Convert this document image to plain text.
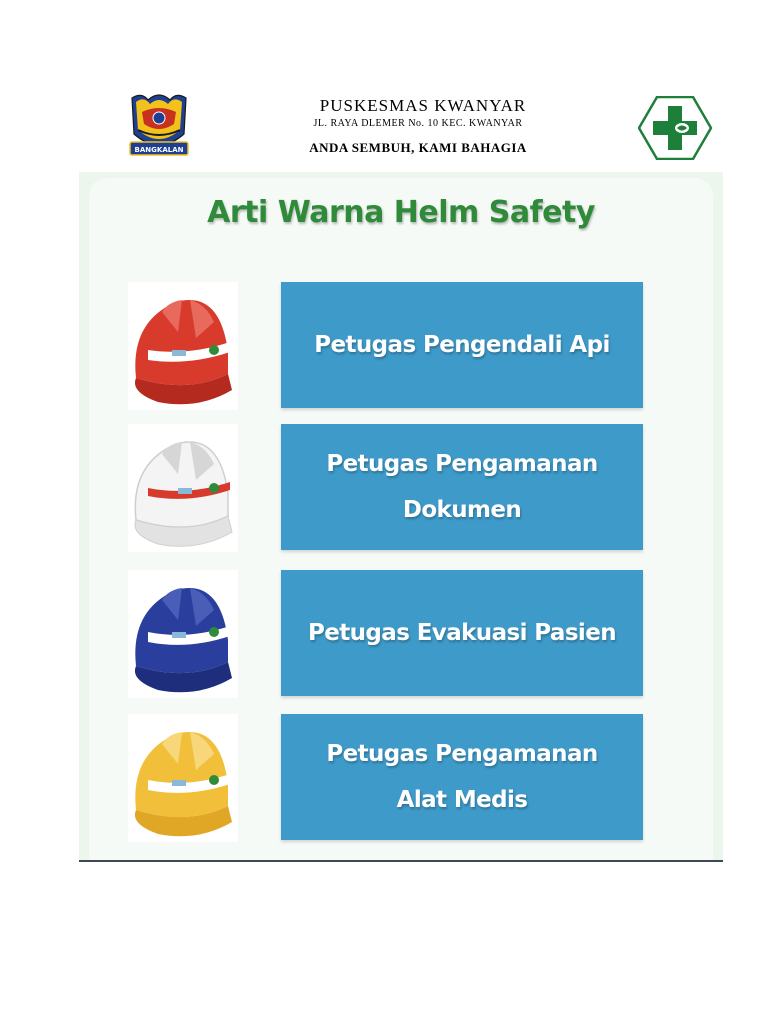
BANGKALAN
PUSKESMAS KWANYAR
JL. RAYA DLEMER No. 10 KEC. KWANYAR
ANDA SEMBUH, KAMI BAHAGIA
Arti Warna Helm Safety
Petugas Pengendali Api
Petugas Pengamanan
Dokumen
Petugas Evakuasi Pasien
Petugas Pengamanan
Alat Medis
